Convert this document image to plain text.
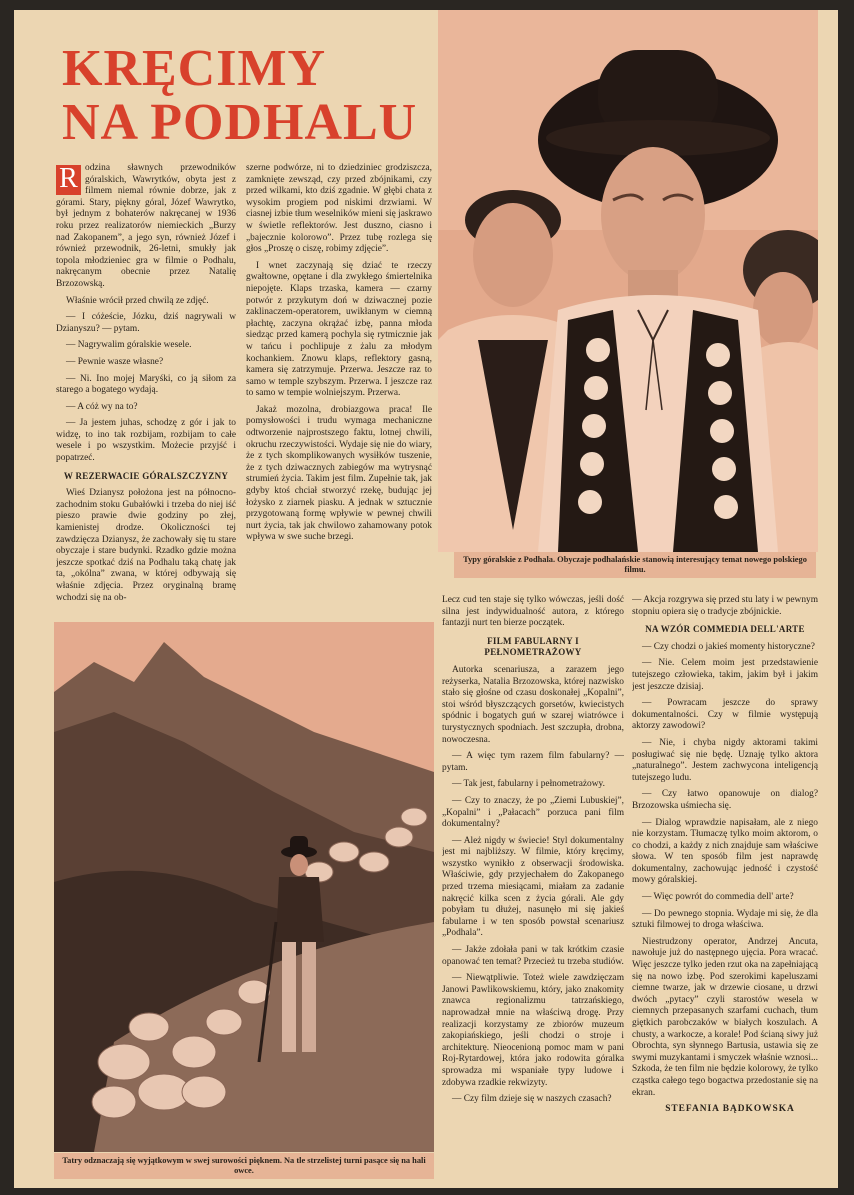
KRĘCIMY
NA PODHALU

R odzina sławnych przewodników góralskich, Wawrytków, obyta jest z filmem niemal równie dobrze, jak z górami. Stary, piękny góral, Józef Wawrytko, był jednym z bohaterów nakręcanej w 1936 roku przez realizatorów niemieckich „Burzy nad Zakopanem”, a jego syn, również Józef i również przewodnik, 26-letni, smukły jak topola młodzieniec gra w filmie o Podhalu, nakręcanym obecnie przez Natalię Brzozowską.

Właśnie wrócił przed chwilą ze zdjęć.

— I cóżeście, Józku, dziś nagrywali w Dzianyszu? — pytam.

— Nagrywalim góralskie wesele.

— Pewnie wasze własne?

— Ni. Ino mojej Maryśki, co ją siłom za starego a bogatego wydają.

— A cóż wy na to?

— Ja jestem juhas, schodzę z gór i jak to widzę, to ino tak rozbijam, rozbijam to całe wesele i po wszystkim. Możecie przyjść i popatrzeć.

W REZERWACIE GÓRALSZCZYZNY

Wieś Dzianysz położona jest na północno-zachodnim stoku Gubałówki i trzeba do niej iść pieszo prawie dwie godziny po złej, kamienistej drodze. Okoliczności tej zawdzięcza Dzianysz, że zachowały się tu stare obyczaje i stare budynki. Rzadko gdzie można jeszcze spotkać dziś na Podhalu taką chatę jak ta, „okólna” zwana, w której odbywają się właśnie zdjęcia. Przez oryginalną bramę wchodzi się na ob-

szerne podwórze, ni to dziedziniec grodziszcza, zamknięte zewsząd, czy przed zbójnikami, czy przed wilkami, kto dziś zgadnie. W głębi chata z wysokim progiem pod niskimi drzwiami. W ciasnej izbie tłum weselników mieni się jaskrawo w świetle reflektorów. Jest duszno, ciasno i „bajecznie kolorowo”. Przez tubę rozlega się głos „Proszę o ciszę, robimy zdjęcie”.

I wnet zaczynają się dziać te rzeczy gwałtowne, opętane i dla zwykłego śmiertelnika niepojęte. Klaps trzaska, kamera — czarny potwór z przykutym doń w dziwacznej pozie zaklinaczem-operatorem, uwikłanym w ciemną płachtę, zaczyna okrążać izbę, panna młoda siedząc przed kamerą pochyla się rytmicznie jak w tańcu i pochlipuje z żalu za młodym kochankiem. Znowu klaps, reflektory gasną, kamera się zatrzymuje. Przerwa. Jeszcze raz to samo w temple szybszym. Przerwa. I jeszcze raz to samo w tempie wolniejszym. Przerwa.

Jakaż mozolna, drobiazgowa praca! Ile pomysłowości i trudu wymaga mechaniczne odtworzenie najprostszego faktu, lotnej chwili, okruchu rzeczywistości. Wydaje się nie do wiary, że z tych skomplikowanych wysiłków tuszenie, że z tych dziwacznych zabiegów ma wytrysnąć strumień życia. Takim jest film. Zupełnie tak, jak gdyby ktoś chciał stworzyć rzekę, budując jej łożysko z ziarnek piasku. A jednak w sztucznie przygotowaną formę wpływie w pewnej chwili nurt życia, tak jak chwilowo zahamowany potok wpływa w swe suche brzegi.

Typy góralskie z Podhala. Obyczaje podhalańskie stanowią interesujący temat nowego polskiego filmu.
Tatry odznaczają się wyjątkowym w swej surowości pięknem. Na tle strzelistej turni pasące się na hali owce.

Lecz cud ten staje się tylko wówczas, jeśli dość silna jest indywidualność autora, z którego fantazji nurt ten bierze początek.

FILM FABULARNY I PEŁNOMETRAŻOWY

Autorka scenariusza, a zarazem jego reżyserka, Natalia Brzozowska, której nazwisko stało się głośne od czasu doskonałej „Kopalni”, stoi wśród błyszczących gorsetów, kwiecistych spódnic i bogatych guń w szarej wiatrówce i turystycznych spodniach. Jest szczupła, drobna, nowoczesna.

— A więc tym razem film fabularny? — pytam.

— Tak jest, fabularny i pełnometrażowy.

— Czy to znaczy, że po „Ziemi Lubuskiej”, „Kopalni” i „Pałacach” porzuca pani film dokumentalny?

— Ależ nigdy w świecie! Styl dokumentalny jest mi najbliższy. W filmie, który kręcimy, wszystko wynikło z obserwacji środowiska. Właściwie, gdy przyjechałem do Zakopanego przed trzema miesiącami, miałam za zadanie nakręcić kilka scen z życia górali. Ale gdy pobyłam tu dłużej, nasunęło mi się jakieś fabularne i w ten sposób powstał scenariusz „Podhala”.

— Jakże zdołała pani w tak krótkim czasie opanować ten temat? Przecież tu trzeba studiów.

— Niewątpliwie. Toteż wiele zawdzięczam Janowi Pawlikowskiemu, który, jako znakomity znawca regionalizmu tatrzańskiego, naprowadzał mnie na właściwą drogę. Przy realizacji korzystamy ze zbiorów muzeum zakopiańskiego, jeśli chodzi o stroje i architekturę. Nieocenioną pomoc mam w pani Roj-Rytardowej, która jako rodowita góralka sprowadza mi wspaniałe typy ludowe i zdobywa rzadkie rekwizyty.

— Czy film dzieje się w naszych czasach?

— Akcja rozgrywa się przed stu laty i w pewnym stopniu opiera się o tradycje zbójnickie.

NA WZÓR COMMEDIA DELL'ARTE

— Czy chodzi o jakieś momenty historyczne?

— Nie. Celem moim jest przedstawienie tutejszego człowieka, takim, jakim był i jakim jest jeszcze dzisiaj.

— Powracam jeszcze do sprawy dokumentalności. Czy w filmie występują aktorzy zawodowi?

— Nie, i chyba nigdy aktorami takimi posługiwać się nie będę. Uznaję tylko aktora „naturalnego”. Jestem zachwycona inteligencją tutejszego ludu.

— Czy łatwo opanowuje on dialog? Brzozowska uśmiecha się.

— Dialog wprawdzie napisałam, ale z niego nie korzystam. Tłumaczę tylko moim aktorom, o co chodzi, a każdy z nich znajduje sam właściwe słowa. W ten sposób film jest naprawdę dokumentalny, zachowując jedność i czystość mowy góralskiej.

— Więc powrót do commedia dell' arte?

— Do pewnego stopnia. Wydaje mi się, że dla sztuki filmowej to droga właściwa.

Niestrudzony operator, Andrzej Ancuta, nawołuje już do następnego ujęcia. Pora wracać. Więc jeszcze tylko jeden rzut oka na zapełniającą się na nowo izbę. Pod szerokimi kapeluszami ciemne twarze, jak w drzewie ciosane, u drzwi dwóch „pytacy” czyli starostów wesela w ciemnych przepasanych szarfami cuchach, tłum giętkich parobczaków w białych koszulach. A chusty, a warkocze, a korale! Pod ścianą siwy już Obrochta, syn słynnego Bartusia, ustawia się ze swymi muzykantami i smyczek właśnie wznosi... Szkoda, że ten film nie będzie kolorowy, że tylko cząstka całego tego bogactwa przedostanie się na ekran.

STEFANIA BĄDKOWSKA
